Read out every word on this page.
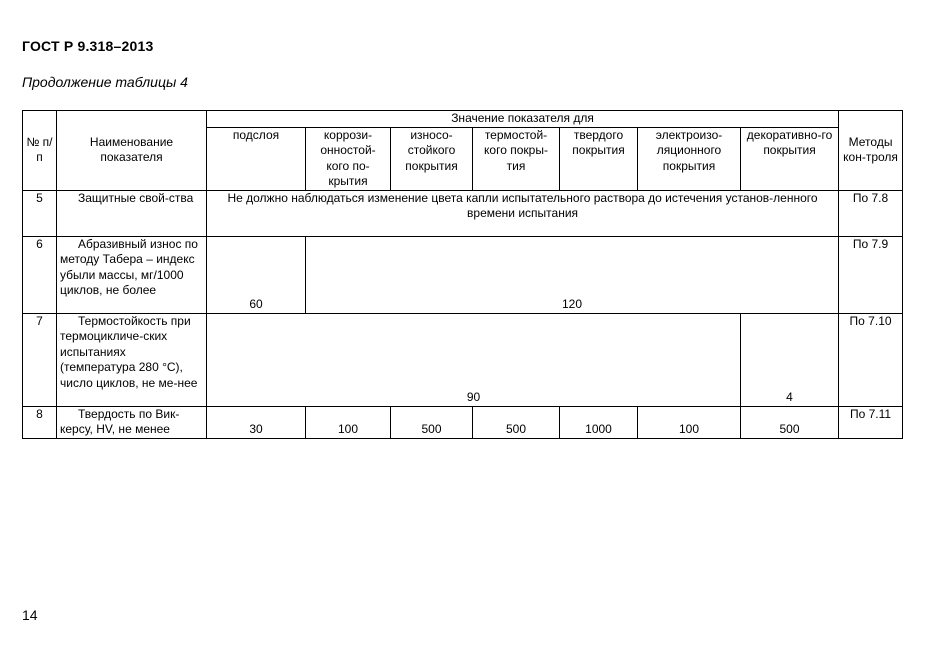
ГОСТ Р 9.318–2013
Продолжение таблицы 4
№ п/п	Наименование показателя	Значение показателя для							Методы кон-троля
		подслоя	коррози-онностой-кого по-крытия	износо-стойкого покрытия	термостой-кого покры-тия	твердого покрытия	электроизо-ляционного покрытия	декоративно-го покрытия	
5	Защитные свой-ства	Не должно наблюдаться изменение цвета капли испытательного раствора до истечения установ-ленного времени испытания							По 7.8
6	Абразивный износ по методу Табера – индекс убыли массы, мг/1000 циклов, не более	60	120						По 7.9
7	Термостойкость при термоцикличе-ских испытаниях (температура 280 °C), число циклов, не ме-нее	90						4	По 7.10
8	Твердость по Вик-керсу, HV, не менее	30	100	500	500	1000	100	500	По 7.11
14
